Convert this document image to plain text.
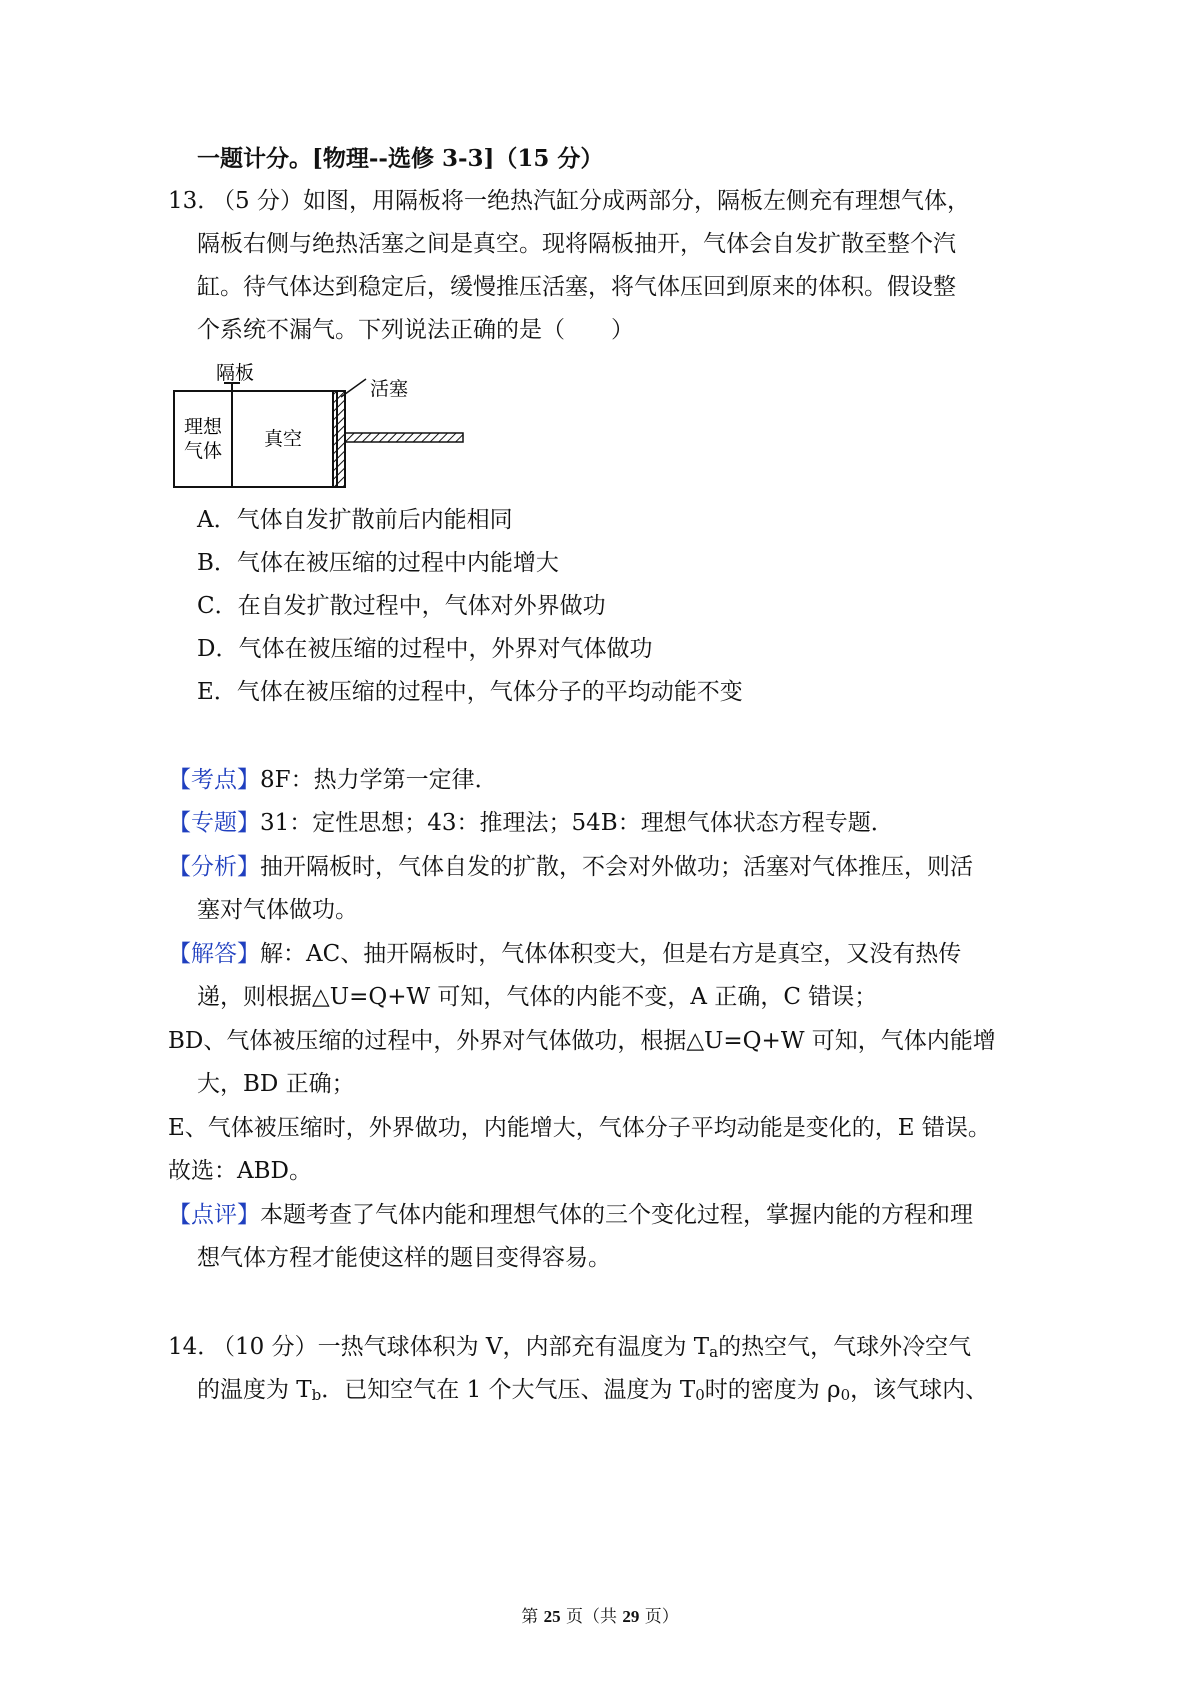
一题计分。[物理--选修 3-3]（15 分）
13．（5 分）如图，用隔板将一绝热汽缸分成两部分，隔板左侧充有理想气体，
隔板右侧与绝热活塞之间是真空。现将隔板抽开，气体会自发扩散至整个汽
缸。待气体达到稳定后，缓慢推压活塞，将气体压回到原来的体积。假设整
个系统不漏气。下列说法正确的是（　　）
隔板
活塞
理想
气体
真空
A．气体自发扩散前后内能相同
B．气体在被压缩的过程中内能增大
C．在自发扩散过程中，气体对外界做功
D．气体在被压缩的过程中，外界对气体做功
E．气体在被压缩的过程中，气体分子的平均动能不变
【考点】8F：热力学第一定律．
【专题】31：定性思想；43：推理法；54B：理想气体状态方程专题．
【分析】抽开隔板时，气体自发的扩散，不会对外做功；活塞对气体推压，则活
塞对气体做功。
【解答】解：AC、抽开隔板时，气体体积变大，但是右方是真空，又没有热传
递，则根据△U=Q+W 可知，气体的内能不变，A 正确，C 错误；
BD、气体被压缩的过程中，外界对气体做功，根据△U=Q+W 可知，气体内能增
大，BD 正确；
E、气体被压缩时，外界做功，内能增大，气体分子平均动能是变化的，E 错误。
故选：ABD。
【点评】本题考查了气体内能和理想气体的三个变化过程，掌握内能的方程和理
想气体方程才能使这样的题目变得容易。
14．（10 分）一热气球体积为 V，内部充有温度为 $T_a$的热空气，气球外冷空气
的温度为 $T_b$．已知空气在 1 个大气压、温度为 $T_0$时的密度为 $\rho_0$，该气球内、
第 25 页（共 29 页）
